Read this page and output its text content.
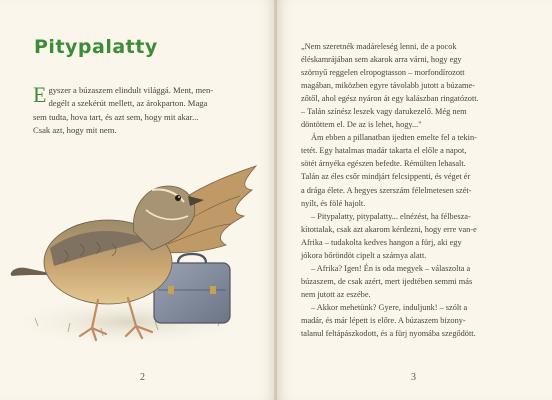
Pitypalatty
E gyszer a búzaszem elindult világgá. Ment, men-
degélt a szekérút mellett, az árokparton. Maga
sem tudta, hova tart, és azt sem, hogy mit akar...
Csak azt, hogy mit nem.
2
„Nem szeretnék madáreleség lenni, de a pocok
éléskamrájában sem akarok arra várni, hogy egy
szörnyű reggelen elropogtasson – morfondírozott
magában, miközben egyre távolabb jutott a búzame-
zőtől, ahol egész nyáron át egy kalászban ringatózott.
– Talán színész leszek vagy darukezelő. Még nem
döntöttem el. De az is lehet, hogy..."
Ám ebben a pillanatban ijedten emelte fel a tekin-
tetét. Egy hatalmas madár takarta el előle a napot,
sötét árnyéka egészen befedte. Rémülten lehasalt.
Talán az éles csőr mindjárt felcsippenti, és véget ér
a drága élete. A hegyes szerszám félelmetesen szét-
nyílt, és fölé hajolt.
– Pitypalatty, pitypalatty... elnézést, ha félbesza-
kítottalak, csak azt akarom kérdezni, hogy erre van-e
Afrika – tudakolta kedves hangon a fürj, aki egy
jókora bőröndöt cipelt a szárnya alatt.
– Afrika? Igen! Én is oda megyek – válaszolta a
búzaszem, de csak azért, mert ijedtében semmi más
nem jutott az eszébe.
– Akkor mehetünk? Gyere, induljunk! – szólt a
madár, és már lépett is előre. A búzaszem bizony-
talanul feltápászkodott, és a fürj nyomába szegődött.
3
